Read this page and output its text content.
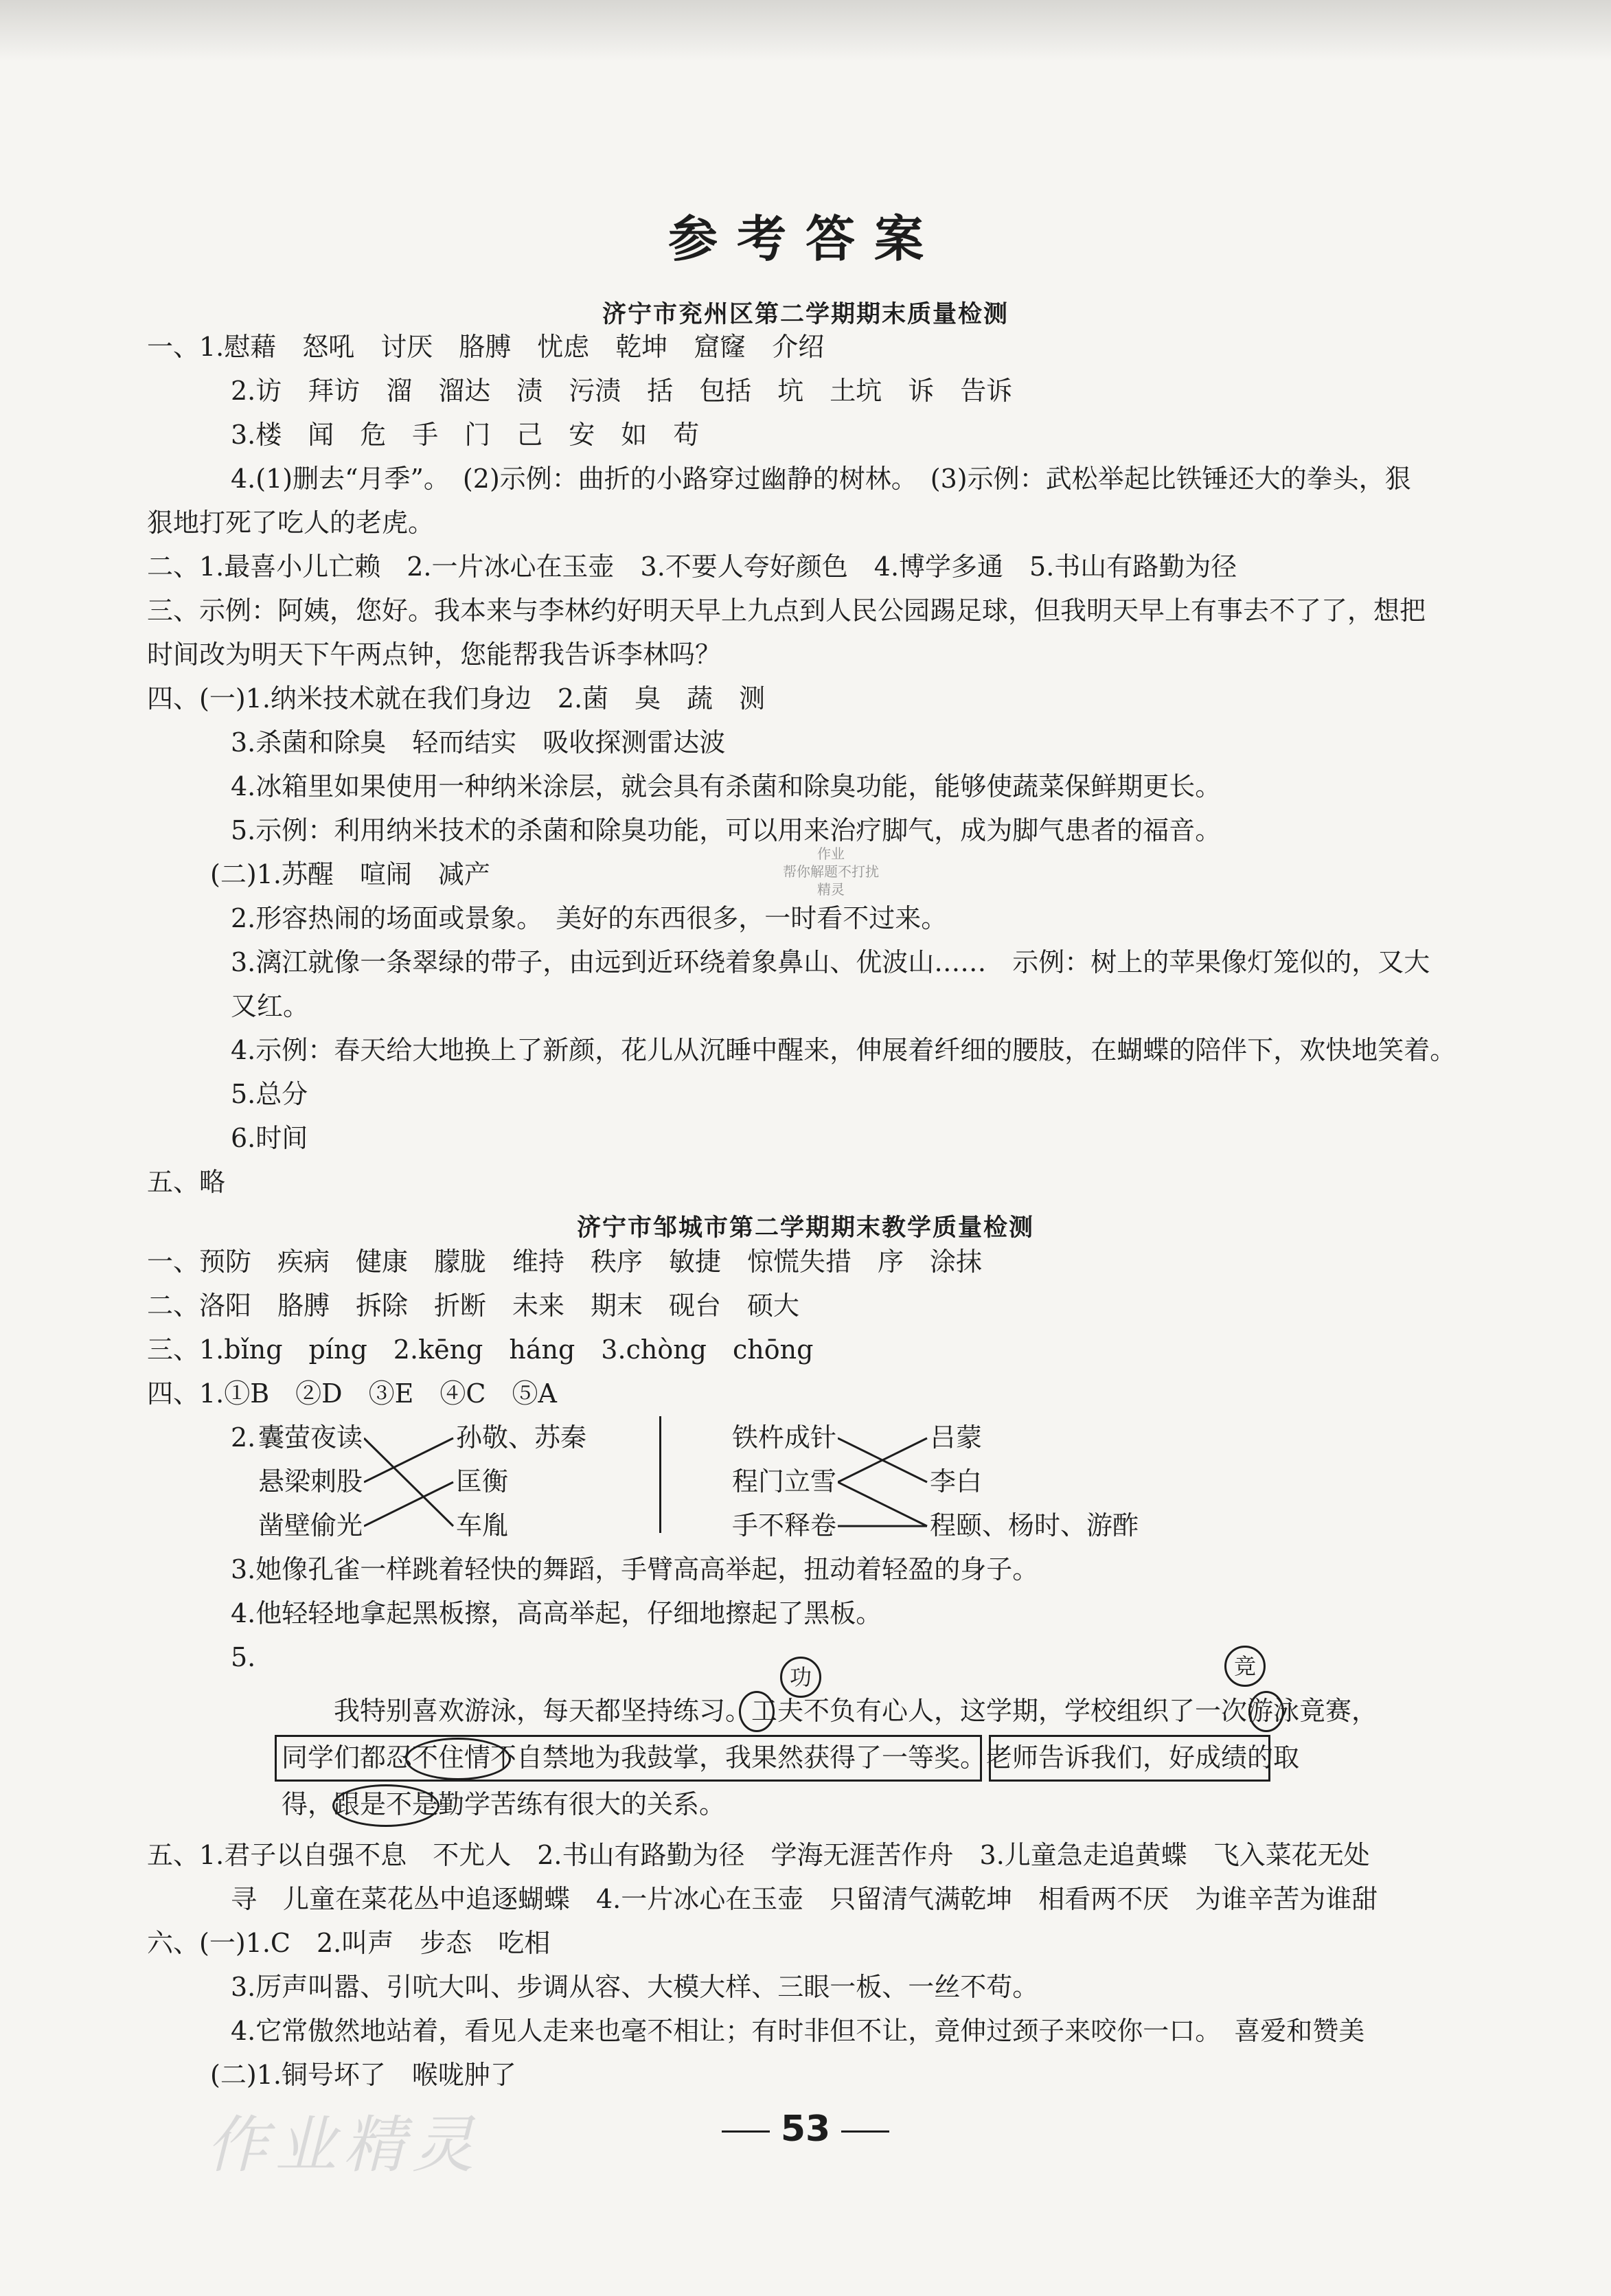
参考答案
济宁市兖州区第二学期期末质量检测
一、1.慰藉　怒吼　讨厌　胳膊　忧虑　乾坤　窟窿　介绍
2.访　拜访　溜　溜达　渍　污渍　括　包括　坑　土坑　诉　告诉
3.楼　闻　危　手　门　己　安　如　苟
4.(1)删去“月季”。　(2)示例：曲折的小路穿过幽静的树林。　(3)示例：武松举起比铁锤还大的拳头，狠
狠地打死了吃人的老虎。
二、1.最喜小儿亡赖　2.一片冰心在玉壶　3.不要人夸好颜色　4.博学多通　5.书山有路勤为径
三、示例：阿姨，您好。我本来与李林约好明天早上九点到人民公园踢足球，但我明天早上有事去不了了，想把
时间改为明天下午两点钟，您能帮我告诉李林吗？
四、(一)1.纳米技术就在我们身边　2.菌　臭　蔬　测
3.杀菌和除臭　轻而结实　吸收探测雷达波
4.冰箱里如果使用一种纳米涂层，就会具有杀菌和除臭功能，能够使蔬菜保鲜期更长。
5.示例：利用纳米技术的杀菌和除臭功能，可以用来治疗脚气，成为脚气患者的福音。
(二)1.苏醒　喧闹　减产
2.形容热闹的场面或景象。　美好的东西很多，一时看不过来。
3.漓江就像一条翠绿的带子，由远到近环绕着象鼻山、优波山……　示例：树上的苹果像灯笼似的，又大
又红。
4.示例：春天给大地换上了新颜，花儿从沉睡中醒来，伸展着纤细的腰肢，在蝴蝶的陪伴下，欢快地笑着。
5.总分
6.时间
五、略
作业
帮你解题不打扰
精灵
济宁市邹城市第二学期期末教学质量检测
一、预防　疾病　健康　朦胧　维持　秩序　敏捷　惊慌失措　序　涂抹
二、洛阳　胳膊　拆除　折断　未来　期末　砚台　硕大
三、1.bǐng　píng　2.kēng　háng　3.chòng　chōng
四、1.①B　②D　③E　④C　⑤A
2. 囊萤夜读
悬梁刺股
凿壁偷光
孙敬、苏秦
匡衡
车胤
铁杵成针
程门立雪
手不释卷
吕蒙
李白
程颐、杨时、游酢
3.她像孔雀一样跳着轻快的舞蹈，手臂高高举起，扭动着轻盈的身子。
4.他轻轻地拿起黑板擦，高高举起，仔细地擦起了黑板。
5.
功	竞
我特别喜欢游泳，每天都坚持练习。工夫不负有心人，这学期，学校组织了一次游泳竟赛，
同学们都忍不住情不自禁地为我鼓掌，我果然获得了一等奖。老师告诉我们，好成绩的取
得，跟是不是勤学苦练有很大的关系。
五、1.君子以自强不息　不尤人　2.书山有路勤为径　学海无涯苦作舟　3.儿童急走追黄蝶　飞入菜花无处
寻　儿童在菜花丛中追逐蝴蝶　4.一片冰心在玉壶　只留清气满乾坤　相看两不厌　为谁辛苦为谁甜
六、(一)1.C　2.叫声　步态　吃相
3.厉声叫嚣、引吭大叫、步调从容、大模大样、三眼一板、一丝不苟。
4.它常傲然地站着，看见人走来也毫不相让；有时非但不让，竟伸过颈子来咬你一口。　喜爱和赞美
(二)1.铜号坏了　喉咙肿了
53
作业精灵
